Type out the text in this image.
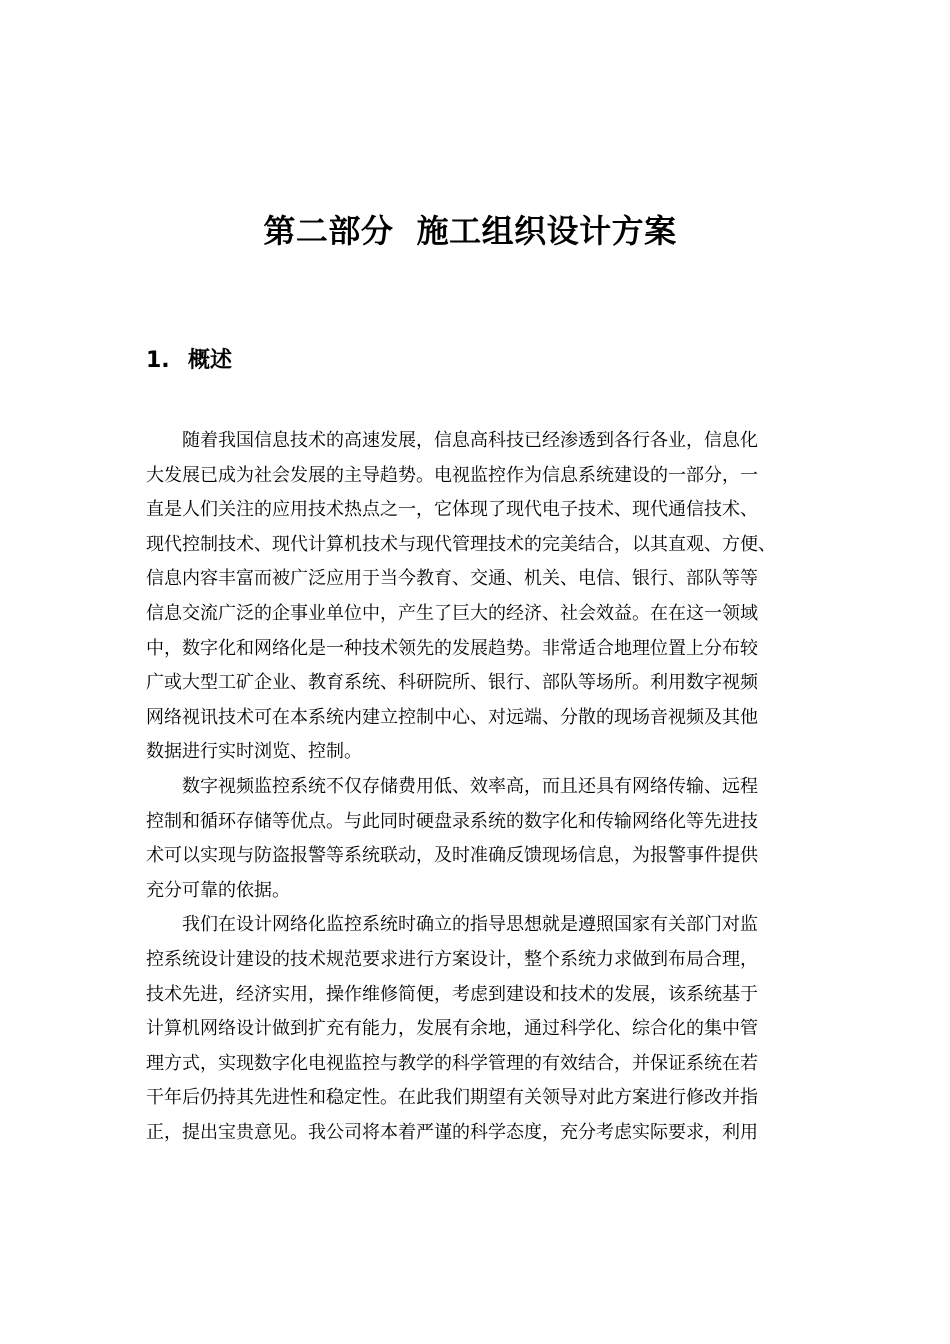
第二部分  施工组织设计方案
1. 概述
随着我国信息技术的高速发展，信息高科技已经渗透到各行各业，信息化
大发展已成为社会发展的主导趋势。电视监控作为信息系统建设的一部分，一
直是人们关注的应用技术热点之一，它体现了现代电子技术、现代通信技术、
现代控制技术、现代计算机技术与现代管理技术的完美结合，以其直观、方便、
信息内容丰富而被广泛应用于当今教育、交通、机关、电信、银行、部队等等
信息交流广泛的企事业单位中，产生了巨大的经济、社会效益。在在这一领域
中，数字化和网络化是一种技术领先的发展趋势。非常适合地理位置上分布较
广或大型工矿企业、教育系统、科研院所、银行、部队等场所。利用数字视频
网络视讯技术可在本系统内建立控制中心、对远端、分散的现场音视频及其他
数据进行实时浏览、控制。
数字视频监控系统不仅存储费用低、效率高，而且还具有网络传输、远程
控制和循环存储等优点。与此同时硬盘录系统的数字化和传输网络化等先进技
术可以实现与防盗报警等系统联动，及时准确反馈现场信息，为报警事件提供
充分可靠的依据。
我们在设计网络化监控系统时确立的指导思想就是遵照国家有关部门对监
控系统设计建设的技术规范要求进行方案设计，整个系统力求做到布局合理，
技术先进，经济实用，操作维修简便，考虑到建设和技术的发展，该系统基于
计算机网络设计做到扩充有能力，发展有余地，通过科学化、综合化的集中管
理方式，实现数字化电视监控与教学的科学管理的有效结合，并保证系统在若
干年后仍持其先进性和稳定性。在此我们期望有关领导对此方案进行修改并指
正，提出宝贵意见。我公司将本着严谨的科学态度，充分考虑实际要求，利用
